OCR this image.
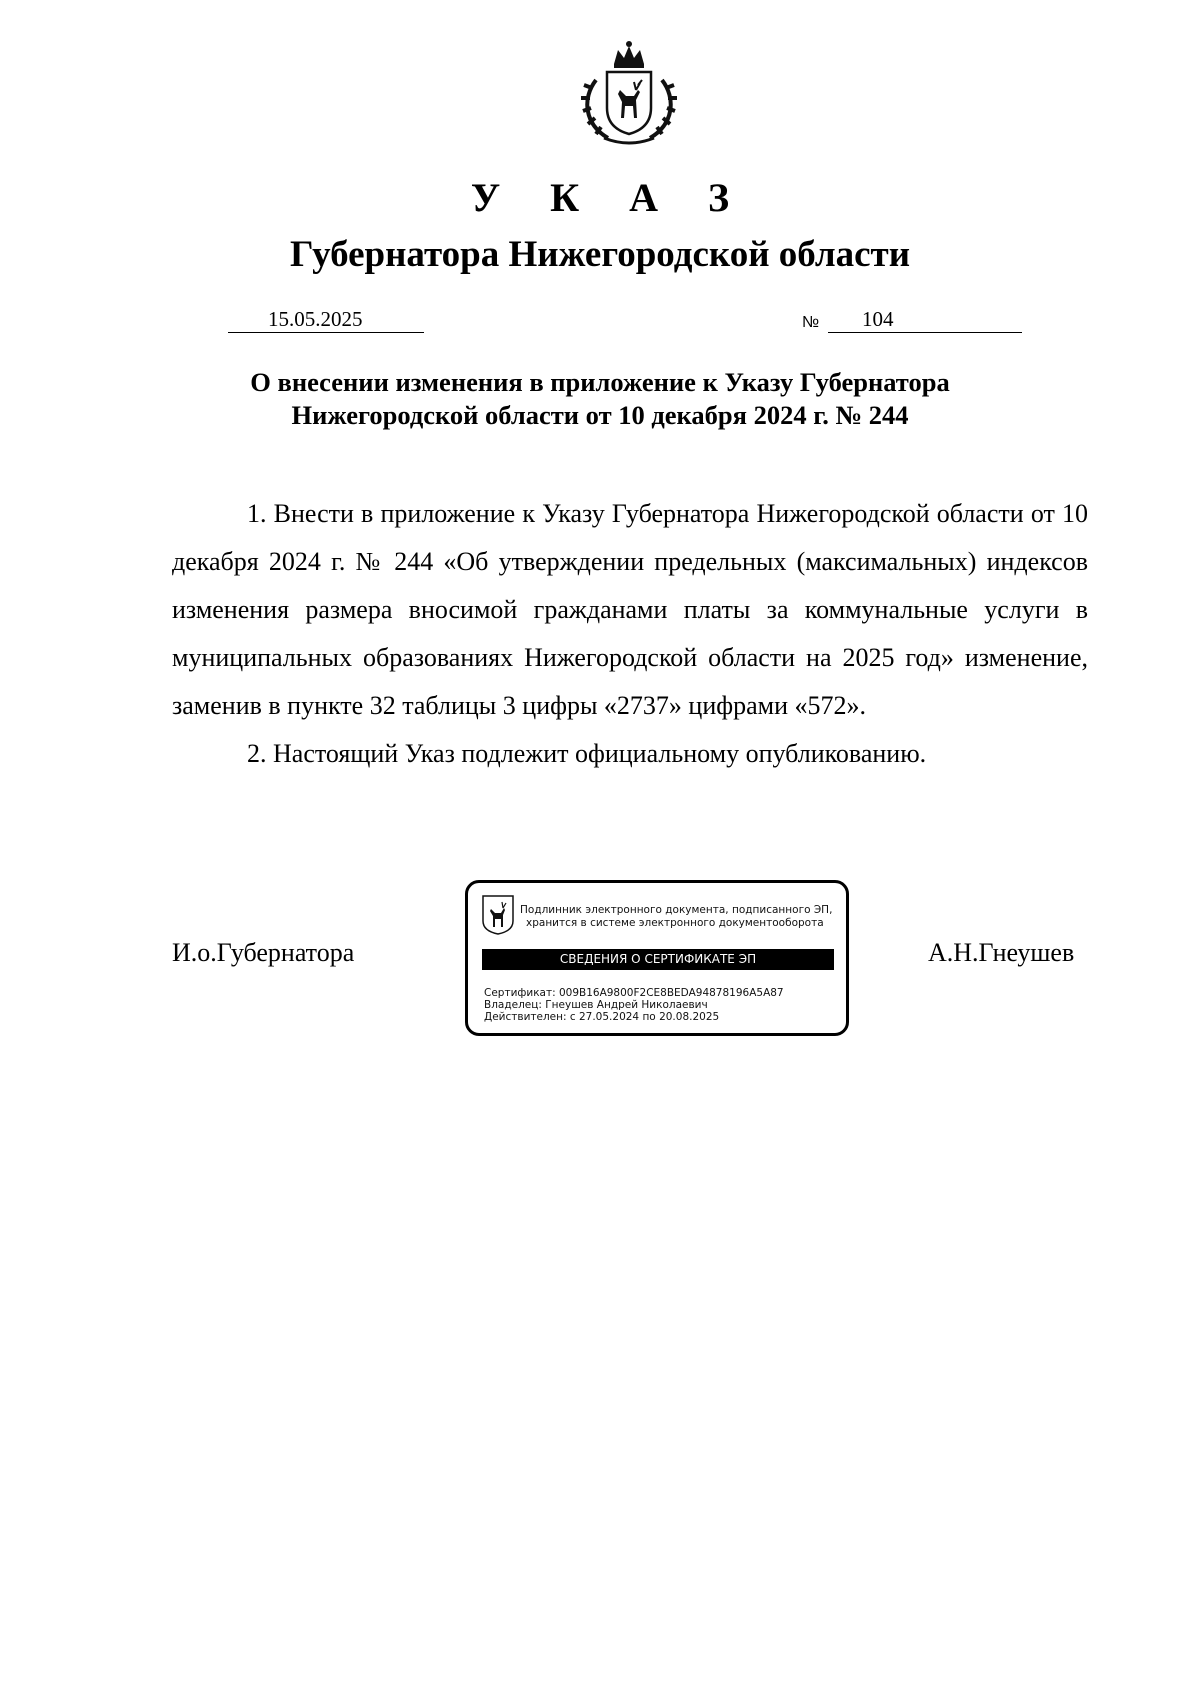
У К А З
Губернатора Нижегородской области
15.05.2025	№	104

О внесении изменения в приложение к Указу Губернатора
Нижегородской области от 10 декабря 2024 г. № 244

1. Внести в приложение к Указу Губернатора Нижегородской области от 10 декабря 2024 г. № 244 «Об утверждении предельных (максимальных) индексов изменения размера вносимой гражданами платы за коммунальные услуги в муниципальных образованиях Нижегородской области на 2025 год» изменение, заменив в пункте 32 таблицы 3 цифры «2737» цифрами «572».

2. Настоящий Указ подлежит официальному опубликованию.

И.о.Губернатора	А.Н.Гнеушев
Подлинник электронного документа, подписанного ЭП,
хранится в системе электронного документооборота
СВЕДЕНИЯ О СЕРТИФИКАТЕ ЭП
Сертификат: 009B16A9800F2CE8BEDA94878196A5A87
Владелец: Гнеушев Андрей Николаевич
Действителен: с 27.05.2024 по 20.08.2025
